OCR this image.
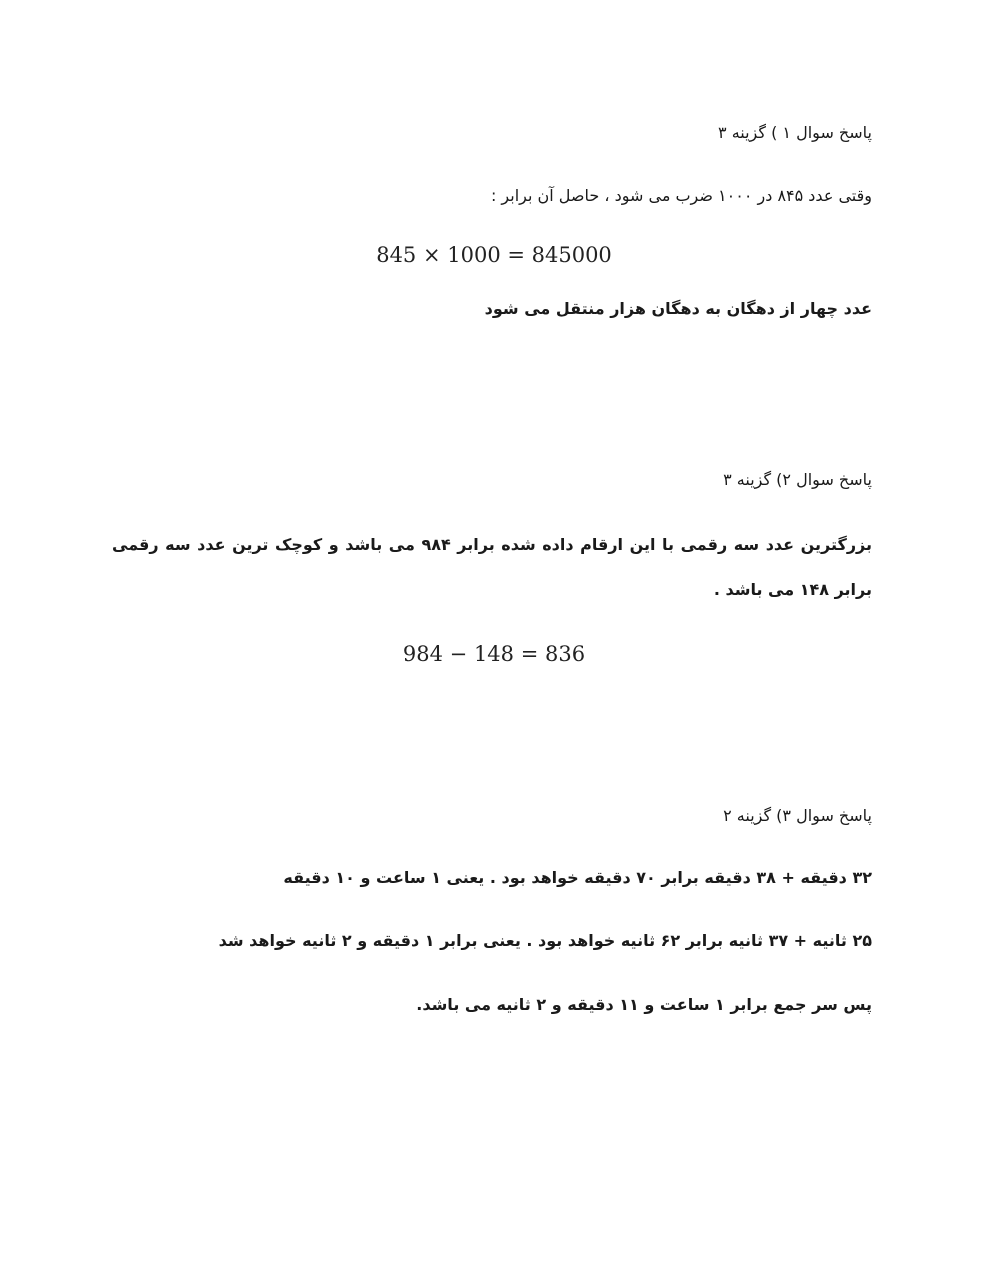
پاسخ سوال ۱ ) گزینه ۳
وقتی عدد ۸۴۵ در ۱۰۰۰ ضرب می شود ، حاصل آن برابر :
845 × 1000 = 845000
عدد چهار از دهگان به دهگان هزار منتقل می شود
پاسخ سوال ۲) گزینه ۳
بزرگترین عدد سه رقمی با این ارقام داده شده برابر ۹۸۴ می باشد و کوچک ترین عدد سه رقمی برابر ۱۴۸ می باشد .
984 − 148 = 836
پاسخ سوال ۳) گزینه ۲
۳۲ دقیقه + ۳۸ دقیقه برابر ۷۰ دقیقه خواهد بود . یعنی ۱ ساعت و ۱۰ دقیقه
۲۵ ثانیه + ۳۷ ثانیه برابر ۶۲ ثانیه خواهد بود . یعنی برابر ۱ دقیقه و ۲ ثانیه خواهد شد
پس سر جمع برابر ۱ ساعت و ۱۱ دقیقه و ۲ ثانیه می باشد.
